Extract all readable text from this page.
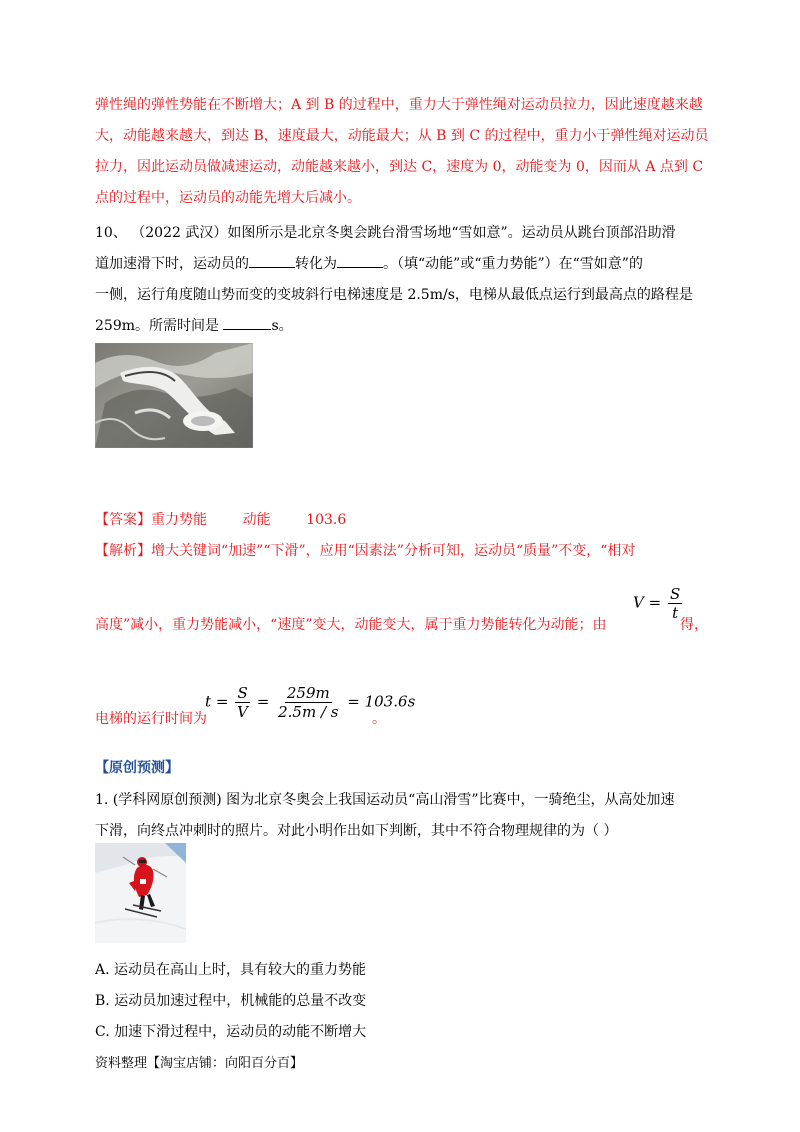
弹性绳的弹性势能在不断增大；A 到 B 的过程中，重力大于弹性绳对运动员拉力，因此速度越来越
大，动能越来越大，到达 B，速度最大，动能最大；从 B 到 C 的过程中，重力小于弹性绳对运动员
拉力，因此运动员做减速运动，动能越来越小，到达 C，速度为 0，动能变为 0，因而从 A 点到 C
点的过程中，运动员的动能先增大后减小。
10、 （2022 武汉）如图所示是北京冬奥会跳台滑雪场地“雪如意”。运动员从跳台顶部沿助滑
道加速滑下时，运动员的	转化为	。（填“动能”或“重力势能”）在“雪如意”的
一侧，运行角度随山势而变的变坡斜行电梯速度是 2.5m/s，电梯从最低点运行到最高点的路程是
259m。所需时间是	s。
【答案】重力势能        动能        103.6
【解析】增大关键词“加速”“下滑”，应用“因素法”分析可知，运动员“质量”不变，“相对
高度”减小，重力势能减小，“速度”变大，动能变大，属于重力势能转化为动能；由
$V = \frac{S}{t}$
得，
电梯的运行时间为
$t = \frac{S}{V} = \frac{259m}{2.5m / s} = 103.6s$
。
【原创预测】
1. (学科网原创预测) 图为北京冬奥会上我国运动员“高山滑雪”比赛中，一骑绝尘，从高处加速
下滑，向终点冲刺时的照片。对此小明作出如下判断，其中不符合物理规律的为（ ）
A. 运动员在高山上时，具有较大的重力势能
B. 运动员加速过程中，机械能的总量不改变
C. 加速下滑过程中，运动员的动能不断增大
资料整理【淘宝店铺：向阳百分百】
